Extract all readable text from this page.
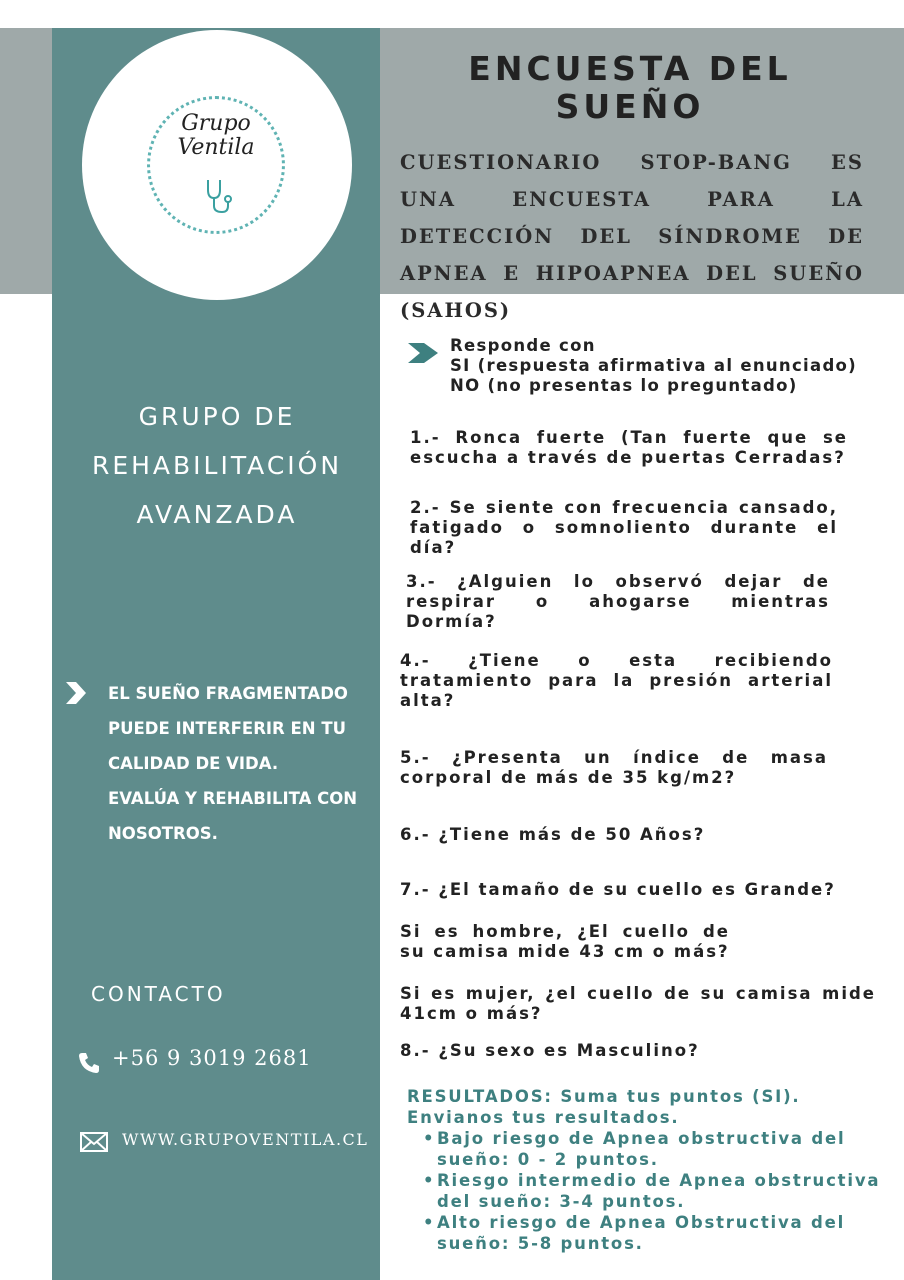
Grupo
Ventila
ENCUESTA DEL SUEÑO
CUESTIONARIO STOP-BANG ES UNA ENCUESTA PARA LA DETECCIÓN DEL SÍNDROME DE APNEA E HIPOAPNEA DEL SUEÑO (SAHOS)
GRUPO DE
REHABILITACIÓN
AVANZADA
EL SUEÑO FRAGMENTADO
PUEDE INTERFERIR EN TU
CALIDAD DE VIDA.
EVALÚA Y REHABILITA CON
NOSOTROS.
CONTACTO
+56 9 3019 2681
WWW.GRUPOVENTILA.CL
Responde con
SI (respuesta afirmativa al enunciado)
NO (no presentas lo preguntado)
1.- Ronca fuerte (Tan fuerte que se escucha a través de puertas Cerradas?
2.- Se siente con frecuencia cansado, fatigado o somnoliento durante el día?
3.- ¿Alguien lo observó dejar de respirar o ahogarse mientras Dormía?
4.- ¿Tiene o esta recibiendo tratamiento para la presión arterial alta?
5.- ¿Presenta un índice de masa corporal de más de 35 kg/m2?
6.- ¿Tiene más de 50 Años?
7.- ¿El tamaño de su cuello es Grande?
Si es hombre, ¿El cuello de su camisa mide 43 cm o más?
Si es mujer, ¿el cuello de su camisa mide 41cm o más?
8.- ¿Su sexo es Masculino?
RESULTADOS: Suma tus puntos (SI). Envianos tus resultados.
• Bajo riesgo de Apnea obstructiva del sueño: 0 - 2 puntos.
• Riesgo intermedio de Apnea obstructiva del sueño: 3-4 puntos.
• Alto riesgo de Apnea Obstructiva del sueño: 5-8 puntos.
